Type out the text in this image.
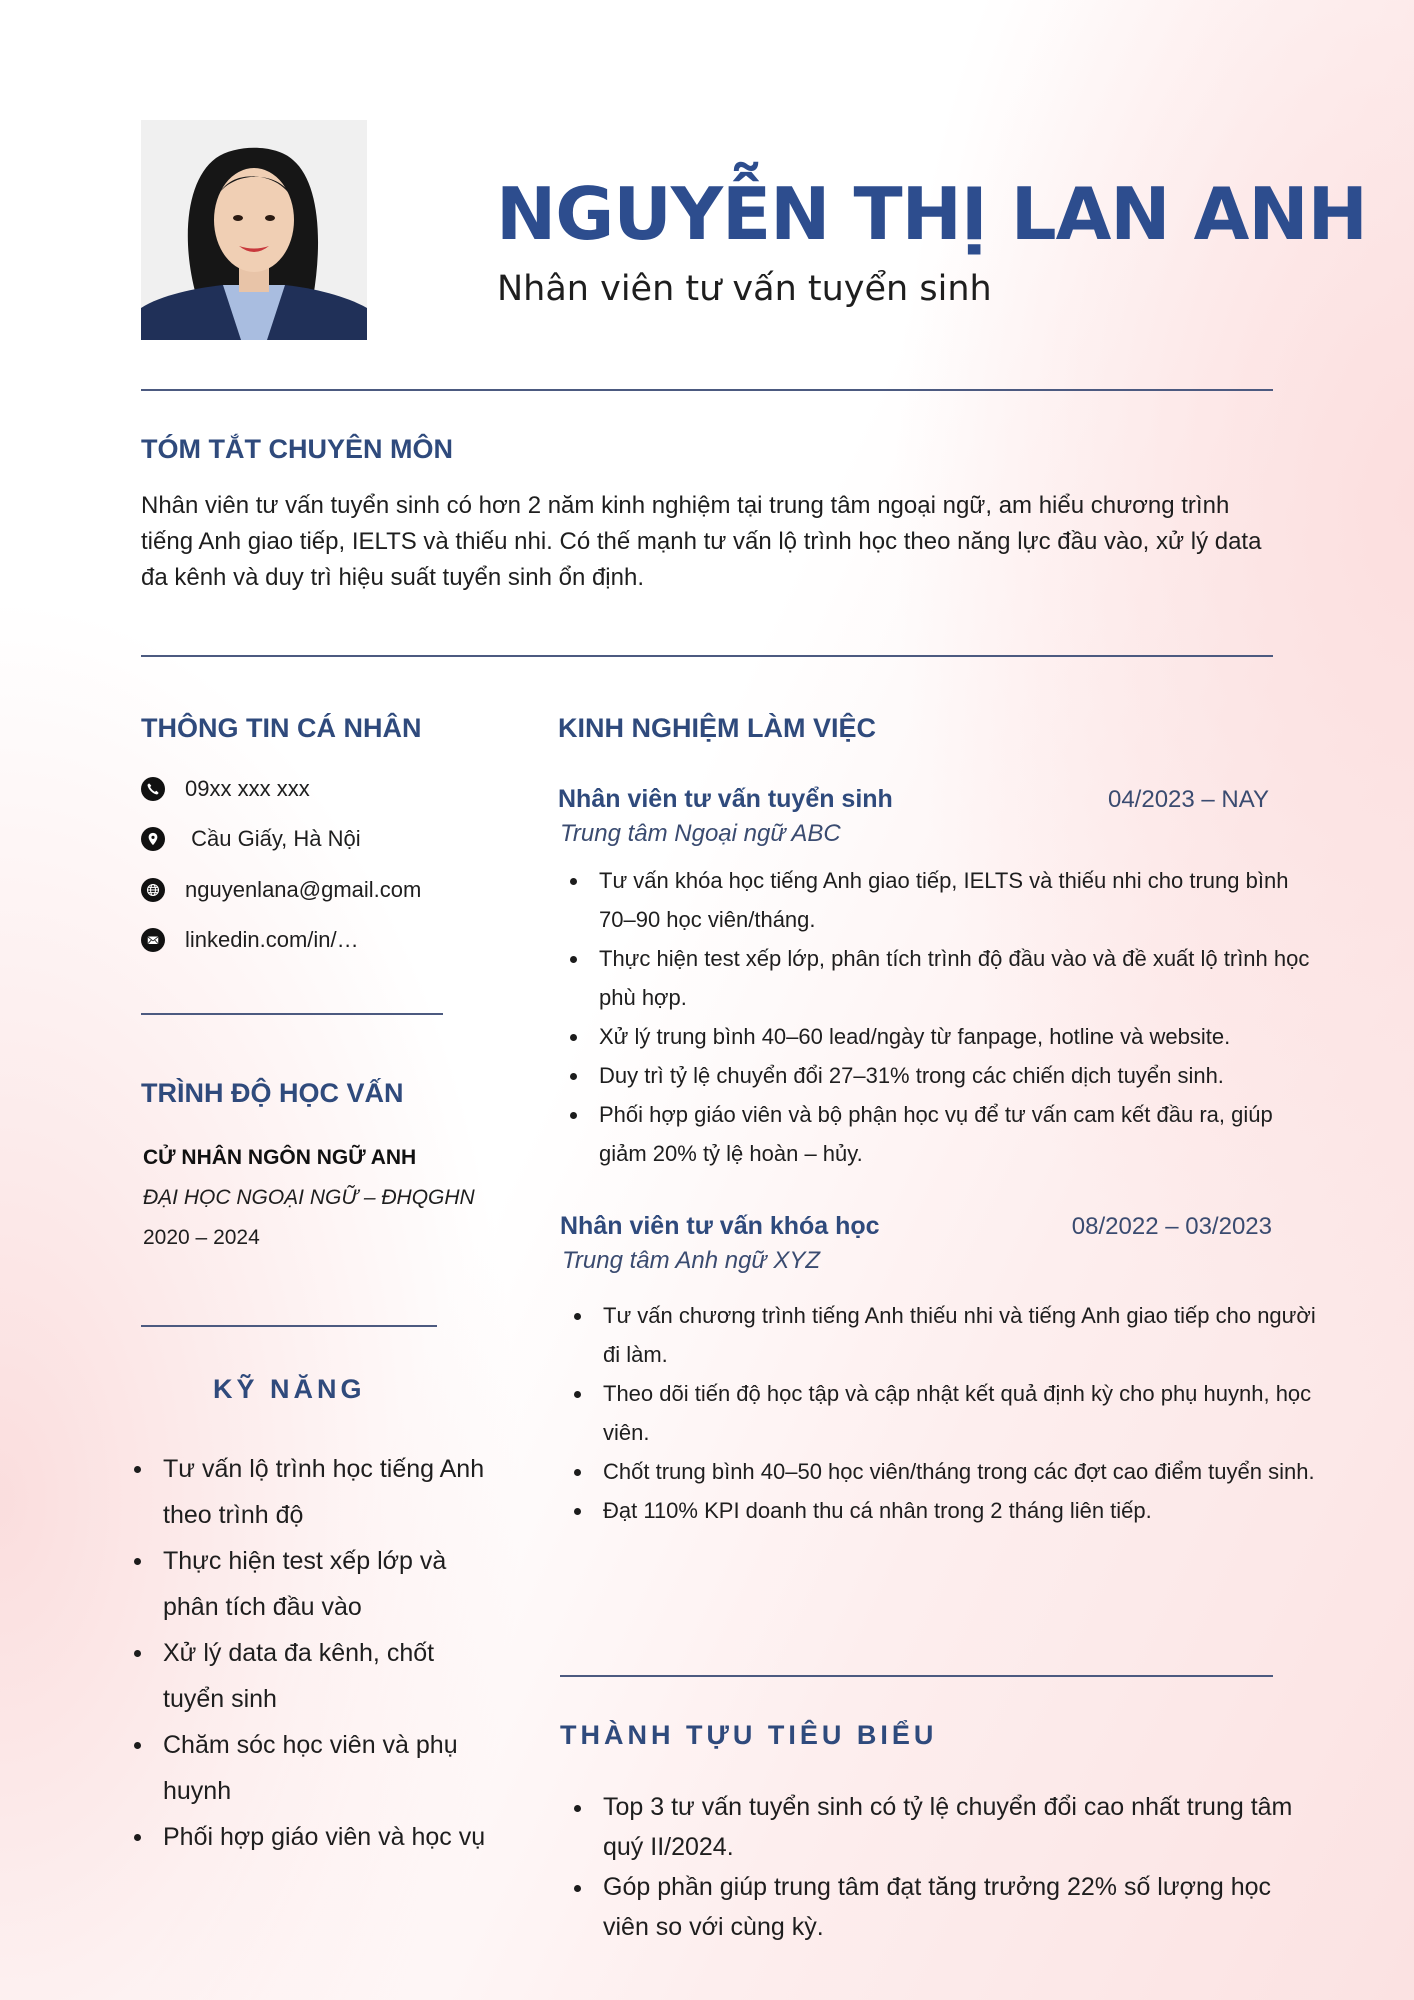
NGUYỄN THỊ LAN ANH
Nhân viên tư vấn tuyển sinh
TÓM TẮT CHUYÊN MÔN
Nhân viên tư vấn tuyển sinh có hơn 2 năm kinh nghiệm tại trung tâm ngoại ngữ, am hiểu chương trình tiếng Anh giao tiếp, IELTS và thiếu nhi. Có thế mạnh tư vấn lộ trình học theo năng lực đầu vào, xử lý data đa kênh và duy trì hiệu suất tuyển sinh ổn định.
THÔNG TIN CÁ NHÂN
09xx xxx xxx
Cầu Giấy, Hà Nội
nguyenlana@gmail.com
linkedin.com/in/…
TRÌNH ĐỘ HỌC VẤN
CỬ NHÂN NGÔN NGỮ ANH
ĐẠI HỌC NGOẠI NGỮ – ĐHQGHN
2020 – 2024
KỸ NĂNG
Tư vấn lộ trình học tiếng Anh theo trình độ
Thực hiện test xếp lớp và phân tích đầu vào
Xử lý data đa kênh, chốt tuyển sinh
Chăm sóc học viên và phụ huynh
Phối hợp giáo viên và học vụ
KINH NGHIỆM LÀM VIỆC
Nhân viên tư vấn tuyển sinh	04/2023 – NAY
Trung tâm Ngoại ngữ ABC
Tư vấn khóa học tiếng Anh giao tiếp, IELTS và thiếu nhi cho trung bình 70–90 học viên/tháng.
Thực hiện test xếp lớp, phân tích trình độ đầu vào và đề xuất lộ trình học phù hợp.
Xử lý trung bình 40–60 lead/ngày từ fanpage, hotline và website.
Duy trì tỷ lệ chuyển đổi 27–31% trong các chiến dịch tuyển sinh.
Phối hợp giáo viên và bộ phận học vụ để tư vấn cam kết đầu ra, giúp giảm 20% tỷ lệ hoàn – hủy.
Nhân viên tư vấn khóa học	08/2022 – 03/2023
Trung tâm Anh ngữ XYZ
Tư vấn chương trình tiếng Anh thiếu nhi và tiếng Anh giao tiếp cho người đi làm.
Theo dõi tiến độ học tập và cập nhật kết quả định kỳ cho phụ huynh, học viên.
Chốt trung bình 40–50 học viên/tháng trong các đợt cao điểm tuyển sinh.
Đạt 110% KPI doanh thu cá nhân trong 2 tháng liên tiếp.
THÀNH TỰU TIÊU BIỂU
Top 3 tư vấn tuyển sinh có tỷ lệ chuyển đổi cao nhất trung tâm quý II/2024.
Góp phần giúp trung tâm đạt tăng trưởng 22% số lượng học viên so với cùng kỳ.
